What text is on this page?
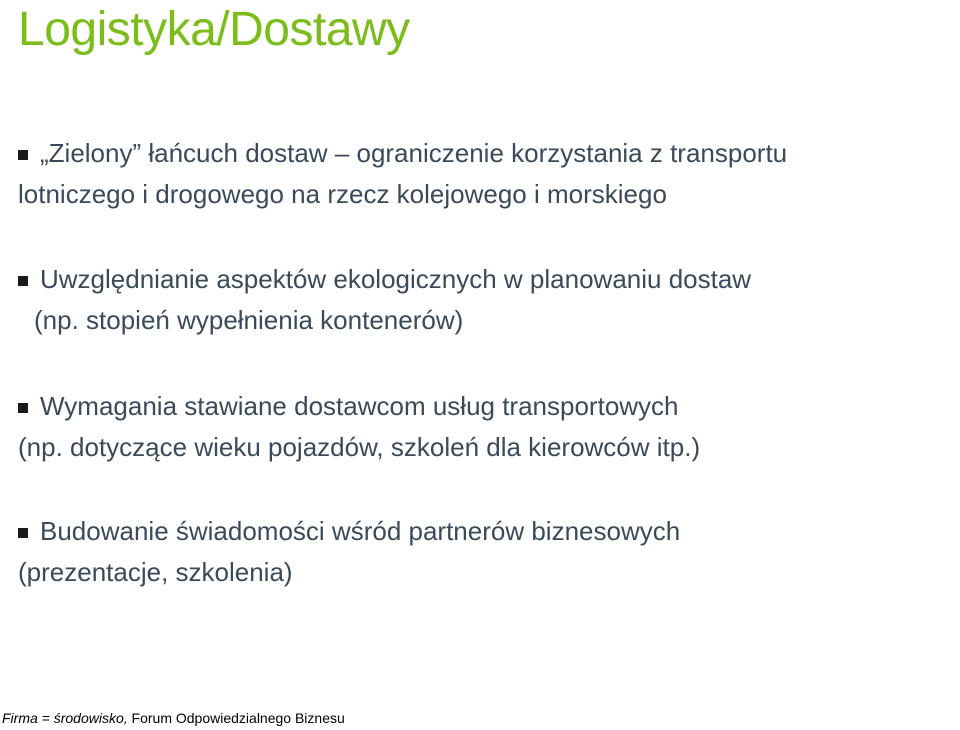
Logistyka/Dostawy
„Zielony” łańcuch dostaw – ograniczenie korzystania z transportu
lotniczego i drogowego na rzecz kolejowego i morskiego
Uwzględnianie aspektów ekologicznych w planowaniu dostaw
(np. stopień wypełnienia kontenerów)
Wymagania stawiane dostawcom usług transportowych
(np. dotyczące wieku pojazdów, szkoleń dla kierowców itp.)
Budowanie świadomości wśród partnerów biznesowych
(prezentacje, szkolenia)
Firma = środowisko, Forum Odpowiedzialnego Biznesu
